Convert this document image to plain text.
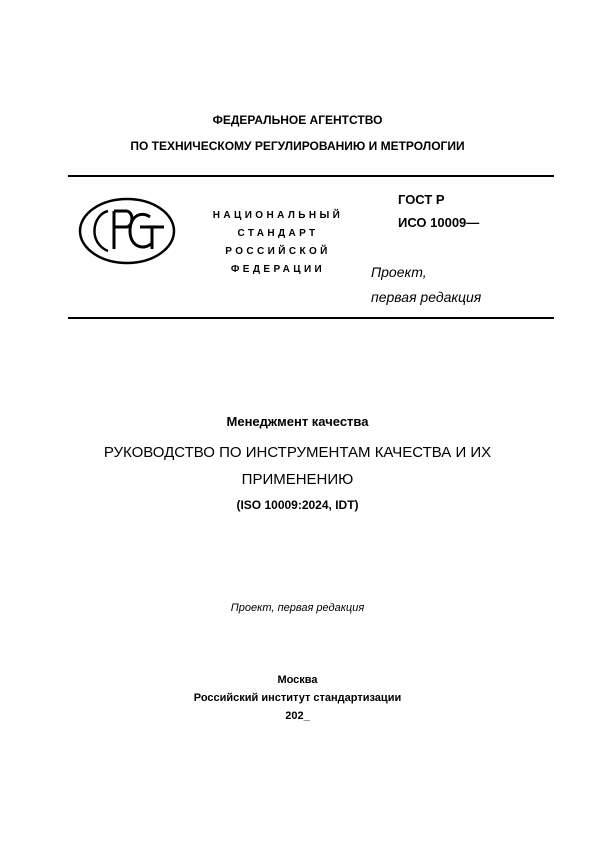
ФЕДЕРАЛЬНОЕ АГЕНТСТВО
ПО ТЕХНИЧЕСКОМУ РЕГУЛИРОВАНИЮ И МЕТРОЛОГИИ
НАЦИОНАЛЬНЫЙ
СТАНДАРТ
РОССИЙСКОЙ
ФЕДЕРАЦИИ
ГОСТ Р
ИСО 10009—
Проект,
первая редакция
Менеджмент качества
РУКОВОДСТВО ПО ИНСТРУМЕНТАМ КАЧЕСТВА И ИХ
ПРИМЕНЕНИЮ
(ISO 10009:2024, IDT)
Проект, первая редакция
Москва
Российский институт стандартизации
202_
